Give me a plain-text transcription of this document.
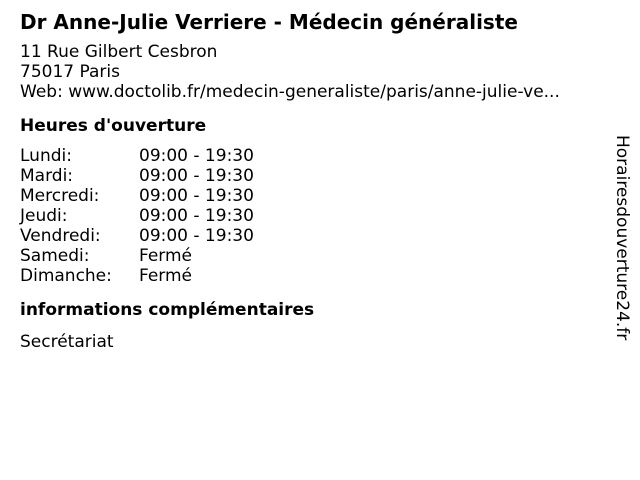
Dr Anne-Julie Verriere - Médecin généraliste
11 Rue Gilbert Cesbron
75017 Paris
Web: www.doctolib.fr/medecin-generaliste/paris/anne-julie-ve...
Heures d'ouverture
Lundi:	09:00 - 19:30
Mardi:	09:00 - 19:30
Mercredi:	09:00 - 19:30
Jeudi:	09:00 - 19:30
Vendredi:	09:00 - 19:30
Samedi:	Fermé
Dimanche:	Fermé
informations complémentaires
Secrétariat
Horairesdouverture24.fr
